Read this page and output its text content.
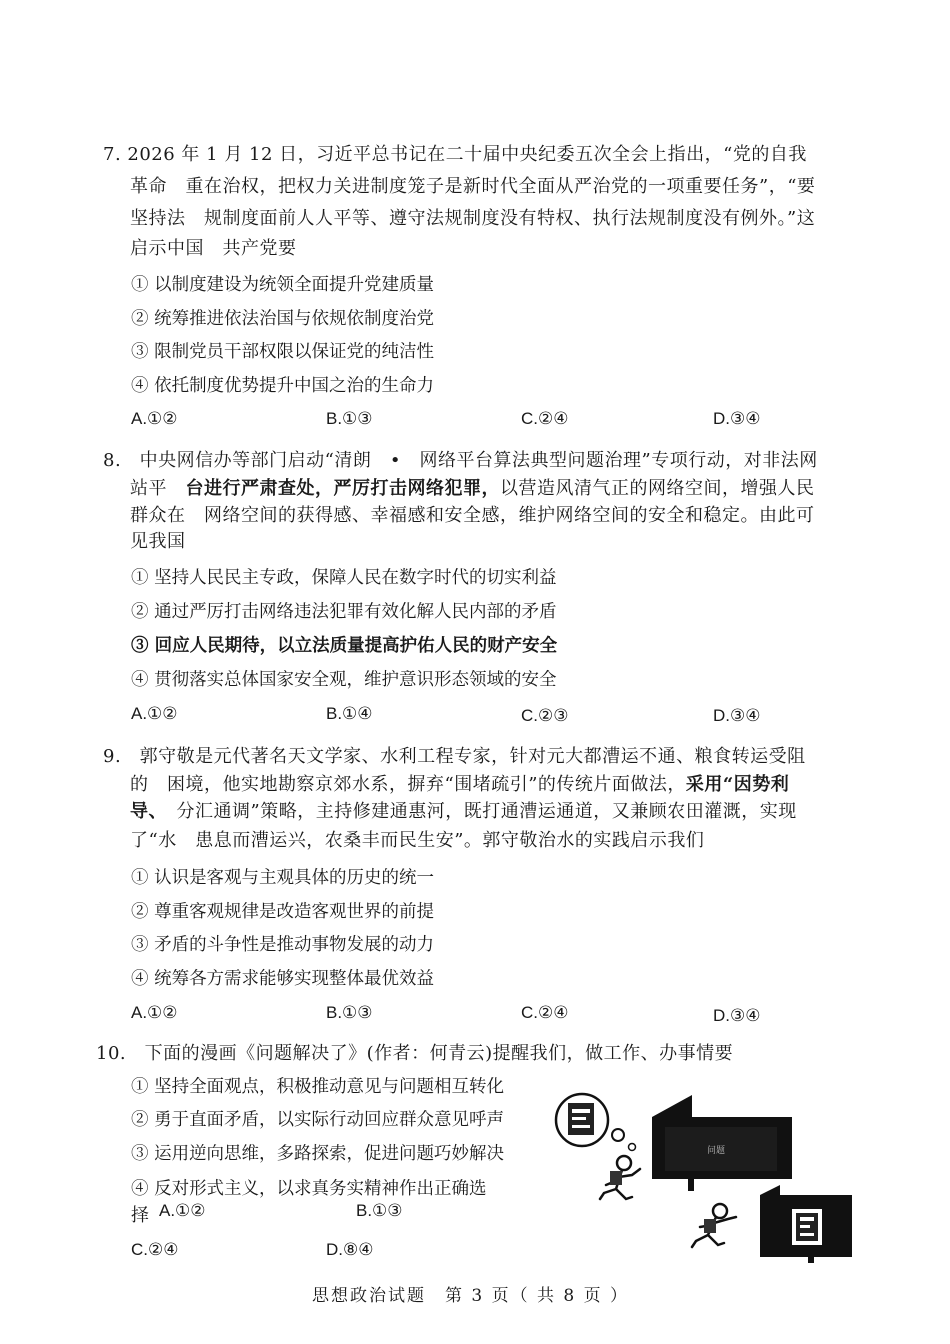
7. 2026 年 1 月 12 日，习近平总书记在二十届中央纪委五次全会上指出，“党的自我
革命　重在治权，把权力关进制度笼子是新时代全面从严治党的一项重要任务”，“要
坚持法　规制度面前人人平等、遵守法规制度没有特权、执行法规制度没有例外。”这
启示中国　共产党要
① 以制度建设为统领全面提升党建质量
② 统筹推进依法治国与依规依制度治党
③ 限制党员干部权限以保证党的纯洁性
④ 依托制度优势提升中国之治的生命力
A.①②	B.①③	C.②④	D.③④
8.　中央网信办等部门启动“清朗　•　网络平台算法典型问题治理”专项行动，对非法网
站平　台进行严肃查处，严厉打击网络犯罪，以营造风清气正的网络空间，增强人民
群众在　网络空间的获得感、幸福感和安全感，维护网络空间的安全和稳定。由此可
见我国
① 坚持人民民主专政，保障人民在数字时代的切实利益
② 通过严厉打击网络违法犯罪有效化解人民内部的矛盾
③ 回应人民期待，以立法质量提高护佑人民的财产安全
④ 贯彻落实总体国家安全观，维护意识形态领域的安全
A.①②	B.①④	C.②③	D.③④
9.　郭守敬是元代著名天文学家、水利工程专家，针对元大都漕运不通、粮食转运受阻
的　困境，他实地勘察京郊水系，摒弃“围堵疏引”的传统片面做法，采用“因势利
导、　分汇通调”策略，主持修建通惠河，既打通漕运通道，又兼顾农田灌溉，实现
了“水　患息而漕运兴，农桑丰而民生安”。郭守敬治水的实践启示我们
① 认识是客观与主观具体的历史的统一
② 尊重客观规律是改造客观世界的前提
③ 矛盾的斗争性是推动事物发展的动力
④ 统筹各方需求能够实现整体最优效益
A.①②	B.①③	C.②④	D.③④
10.　下面的漫画《问题解决了》(作者：何青云)提醒我们，做工作、办事情要
① 坚持全面观点，积极推动意见与问题相互转化
② 勇于直面矛盾，以实际行动回应群众意见呼声
③ 运用逆向思维，多路探索，促进问题巧妙解决
④ 反对形式主义，以求真务实精神作出正确选
择 A.①②	B.①③
C.②④	D.⑧④
问题
思想政治试题　第 3 页（ 共 8 页 ）
